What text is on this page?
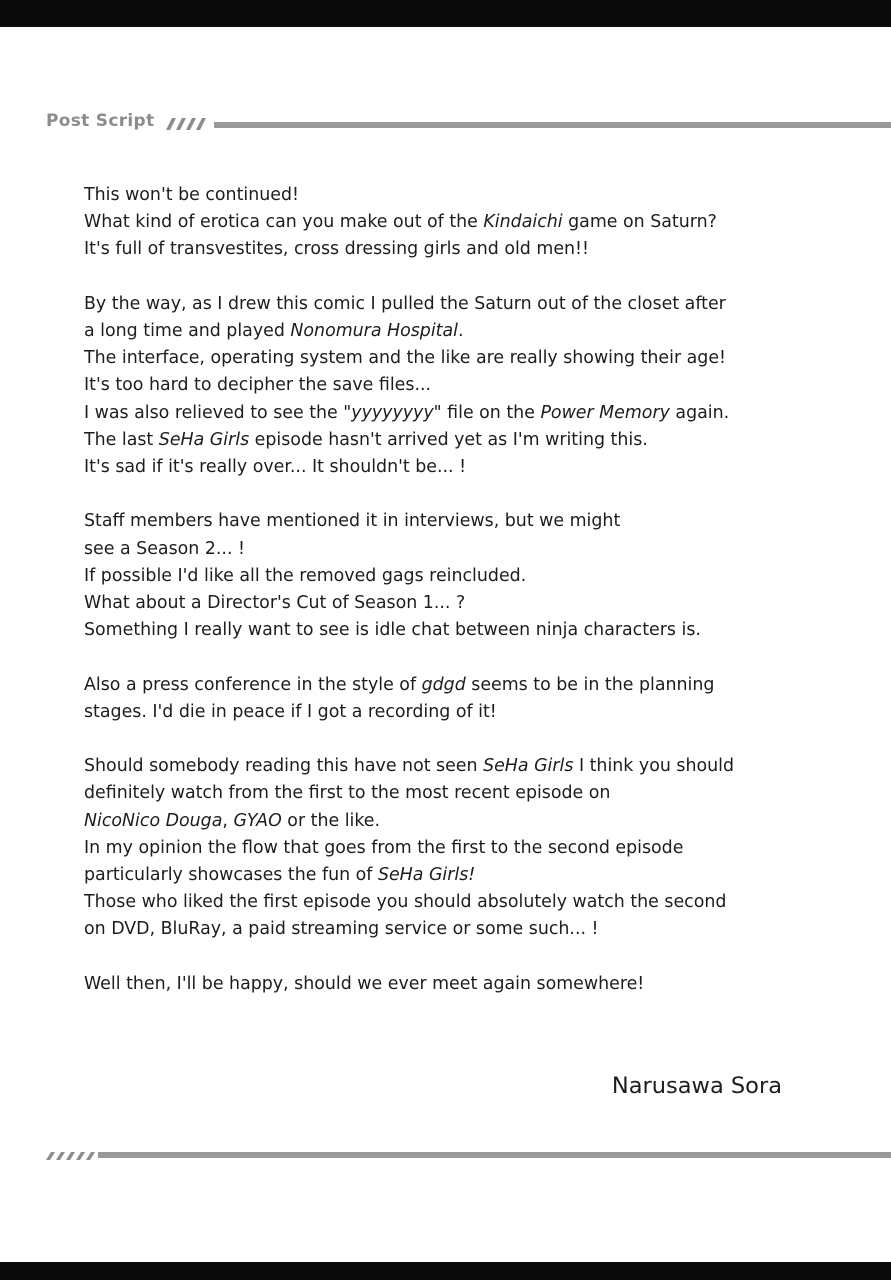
Post Script
This won't be continued!
What kind of erotica can you make out of the Kindaichi game on Saturn?
It's full of transvestites, cross dressing girls and old men!!
By the way, as I drew this comic I pulled the Saturn out of the closet after
a long time and played Nonomura Hospital.
The interface, operating system and the like are really showing their age!
It's too hard to decipher the save files...
I was also relieved to see the "yyyyyyyy" file on the Power Memory again.
The last SeHa Girls episode hasn't arrived yet as I'm writing this.
It's sad if it's really over... It shouldn't be... !
Staff members have mentioned it in interviews, but we might
see a Season 2... !
If possible I'd like all the removed gags reincluded.
What about a Director's Cut of Season 1... ?
Something I really want to see is idle chat between ninja characters is.
Also a press conference in the style of gdgd seems to be in the planning
stages. I'd die in peace if I got a recording of it!
Should somebody reading this have not seen SeHa Girls I think you should
definitely watch from the first to the most recent episode on
NicoNico Douga, GYAO or the like.
In my opinion the flow that goes from the first to the second episode
particularly showcases the fun of SeHa Girls!
Those who liked the first episode you should absolutely watch the second
on DVD, BluRay, a paid streaming service or some such... !
Well then, I'll be happy, should we ever meet again somewhere!
Narusawa Sora
